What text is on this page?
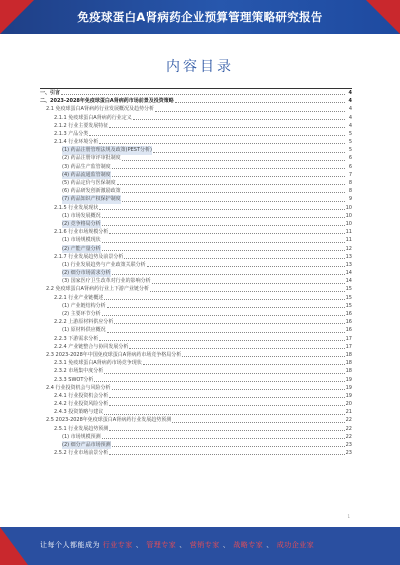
免疫球蛋白A肾病药企业预算管理策略研究报告
内容目录
一、引言	4
二、2023-2028年免疫球蛋白A肾病药市场前景及投资策略	4
2.1 免疫球蛋白A肾病药行业发展概况及趋势分析	4
2.1.1 免疫球蛋白A肾病药行业定义	4
2.1.2 行业主要发展特征	4
2.1.3 产品分类	5
2.1.4 行业环境分析	5
(1) 药品注册管理法规及政策(PEST分析)	5
(2) 药品注册审评审批制度	6
(3) 药品生产监管制度	6
(4) 药品流通监管制度	7
(5) 药品定价与医保制度	8
(6) 药品研发创新激励政策	8
(7) 药品知识产权保护制度	9
2.1.5 行业发展现状	10
(1) 市场发展概况	10
(2) 竞争格局分析	10
2.1.6 行业市场规模分析	11
(1) 市场规模现状	11
(2) 产能产量分析	12
2.1.7 行业发展趋势及前景分析	13
(1) 行业发展趋势与产业政策关联分析	13
(2) 细分市场需求分析	14
(3) 国家医疗卫生改革对行业的影响分析	14
2.2 免疫球蛋白A肾病药行业上下游产业链分析	15
2.2.1 行业产业链概述	15
(1) 产业链结构分析	15
(2) 主要环节分析	16
2.2.2 上游原材料供应分析	16
(1) 原材料供应概况	16
2.2.3 下游需求分析	17
2.2.4 产业链整合与协同发展分析	17
2.3 2023-2028年中国免疫球蛋白A肾病药市场竞争格局分析	18
2.3.1 免疫球蛋白A肾病药市场竞争现状	18
2.3.2 市场集中度分析	18
2.3.3 SWOT分析	19
2.4 行业投资机会与风险分析	19
2.4.1 行业投资机会分析	19
2.4.2 行业投资风险分析	20
2.4.3 投资策略与建议	21
2.5 2023-2028年免疫球蛋白A肾病药行业发展趋势预测	22
2.5.1 行业发展趋势预测	22
(1) 市场规模预测	22
(2) 细分产品市场预测	23
2.5.2 行业市场前景分析	23
1
让每个人都能成为 行业专家 、 管理专家 、 营销专家 、 战略专家 、 成功企业家
